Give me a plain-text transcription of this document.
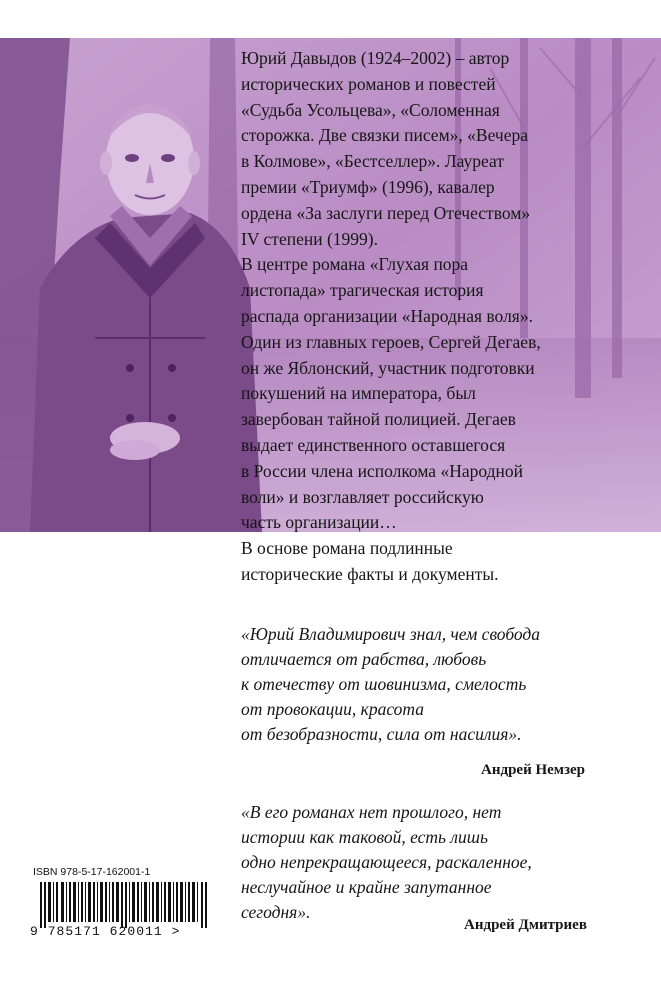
Юрий Давыдов (1924–2002) – автор
исторических романов и повестей
«Судьба Усольцева», «Соломенная
сторожка. Две связки писем», «Вечера
в Колмове», «Бестселлер». Лауреат
премии «Триумф» (1996), кавалер
ордена «За заслуги перед Отечеством»
IV степени (1999).
В центре романа «Глухая пора
листопада» трагическая история
распада организации «Народная воля».
Один из главных героев, Сергей Дегаев,
он же Яблонский, участник подготовки
покушений на императора, был
завербован тайной полицией. Дегаев
выдает единственного оставшегося
в России члена исполкома «Народной
воли» и возглавляет российскую
часть организации…
В основе романа подлинные
исторические факты и документы.
«Юрий Владимирович знал, чем свобода
отличается от рабства, любовь
к отечеству от шовинизма, смелость
от провокации, красота
от безобразности, сила от насилия».
Андрей Немзер
«В его романах нет прошлого, нет
истории как таковой, есть лишь
одно непрекращающееся, раскаленное,
неслучайное и крайне запутанное
сегодня».
Андрей Дмитриев
ISBN 978-5-17-162001-1
9 785171 620011 >
